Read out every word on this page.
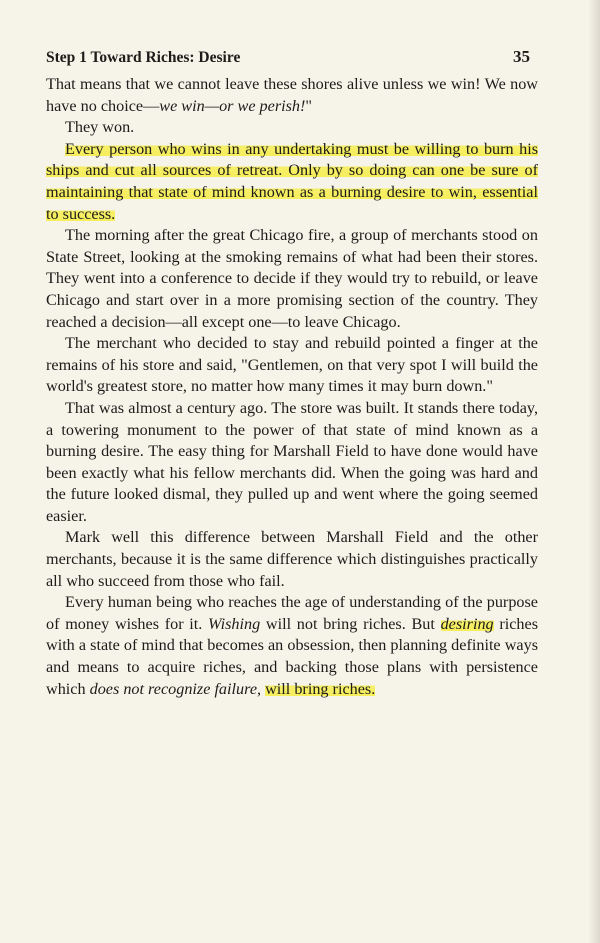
Step 1 Toward Riches: Desire	35

That means that we cannot leave these shores alive unless we win! We now have no choice—we win—or we perish!"

They won.

Every person who wins in any undertaking must be willing to burn his ships and cut all sources of retreat. Only by so doing can one be sure of maintaining that state of mind known as a burning desire to win, essential to success.

The morning after the great Chicago fire, a group of merchants stood on State Street, looking at the smoking remains of what had been their stores. They went into a conference to decide if they would try to rebuild, or leave Chicago and start over in a more promising section of the country. They reached a decision—all except one—to leave Chicago.

The merchant who decided to stay and rebuild pointed a finger at the remains of his store and said, "Gentlemen, on that very spot I will build the world's greatest store, no matter how many times it may burn down."

That was almost a century ago. The store was built. It stands there today, a towering monument to the power of that state of mind known as a burning desire. The easy thing for Marshall Field to have done would have been exactly what his fellow merchants did. When the going was hard and the future looked dismal, they pulled up and went where the going seemed easier.

Mark well this difference between Marshall Field and the other merchants, because it is the same difference which distinguishes practically all who succeed from those who fail.

Every human being who reaches the age of understanding of the purpose of money wishes for it. Wishing will not bring riches. But desiring riches with a state of mind that becomes an obsession, then planning definite ways and means to acquire riches, and backing those plans with persistence which does not recognize failure, will bring riches.
